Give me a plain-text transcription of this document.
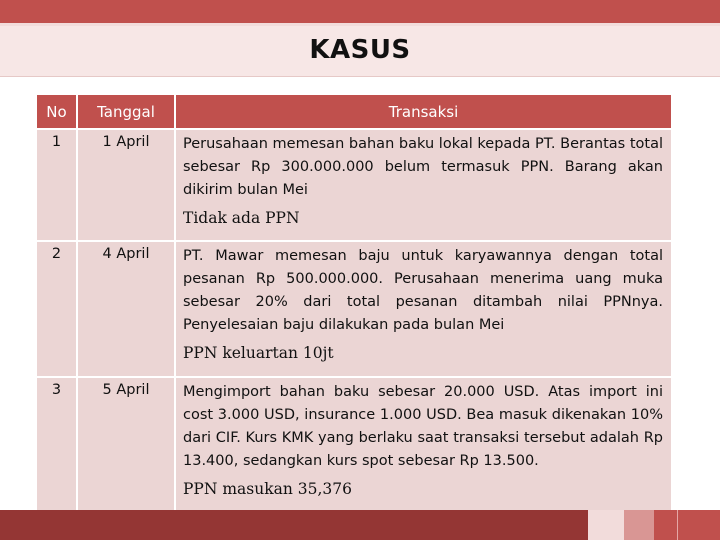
KASUS
No	Tanggal	Transaksi
1	1 April	Perusahaan memesan bahan baku lokal kepada PT. Berantas total sebesar Rp 300.000.000 belum termasuk PPN. Barang akan dikirim bulan Mei
Tidak ada PPN

2	4 April	PT. Mawar memesan baju untuk karyawannya dengan total pesanan Rp 500.000.000. Perusahaan menerima uang muka sebesar 20% dari total pesanan ditambah nilai PPNnya. Penyelesaian baju dilakukan pada bulan Mei
PPN keluartan 10jt

3	5 April	Mengimport bahan baku sebesar 20.000 USD. Atas import ini cost 3.000 USD, insurance 1.000 USD. Bea masuk dikenakan 10% dari CIF. Kurs KMK yang berlaku saat transaksi tersebut adalah Rp 13.400, sedangkan kurs spot sebesar Rp 13.500.
PPN masukan 35,376
